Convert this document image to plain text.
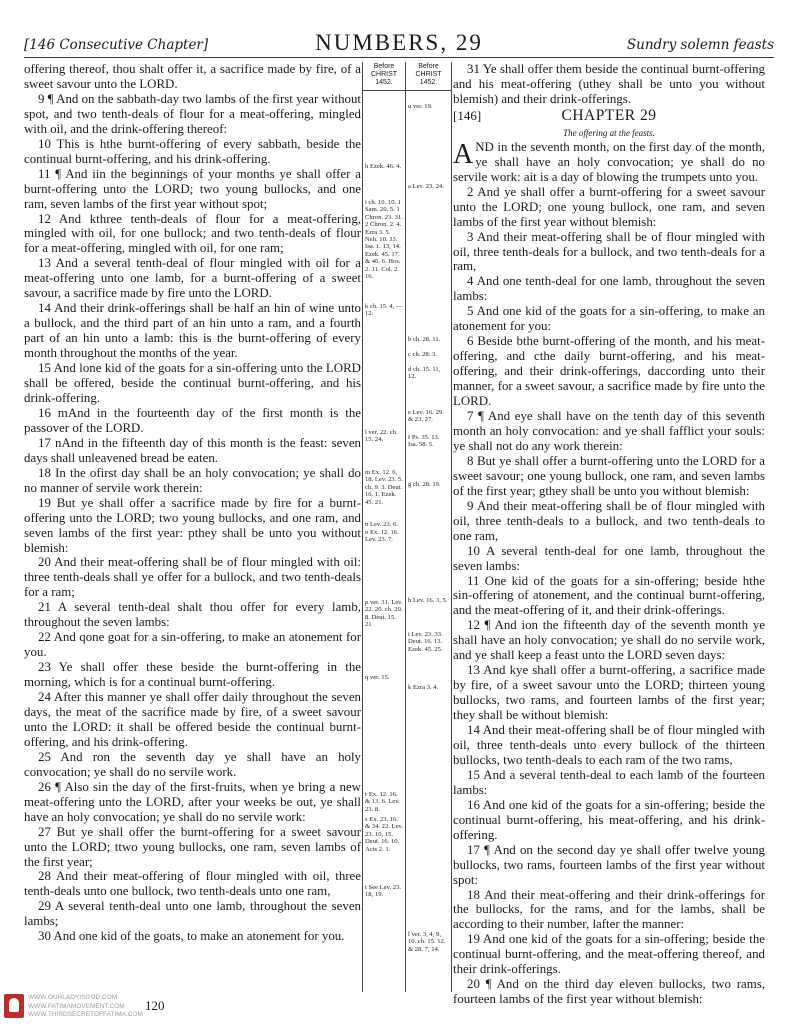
[146 Consecutive Chapter]	NUMBERS, 29	Sundry solemn feasts

offering thereof, thou shalt offer it, a sacrifice made by fire, of a sweet savour unto the LORD.

9 ¶ And on the sabbath-day two lambs of the first year without spot, and two tenth-deals of flour for a meat-offering, mingled with oil, and the drink-offering thereof:

10 This is hthe burnt-offering of every sabbath, beside the continual burnt-offering, and his drink-offering.

11 ¶ And iin the beginnings of your months ye shall offer a burnt-offering unto the LORD; two young bullocks, and one ram, seven lambs of the first year without spot;

12 And kthree tenth-deals of flour for a meat-offering, mingled with oil, for one bullock; and two tenth-deals of flour for a meat-offering, mingled with oil, for one ram;

13 And a several tenth-deal of flour mingled with oil for a meat-offering unto one lamb, for a burnt-offering of a sweet savour, a sacrifice made by fire unto the LORD.

14 And their drink-offerings shall be half an hin of wine unto a bullock, and the third part of an hin unto a ram, and a fourth part of an hin unto a lamb: this is the burnt-offering of every month throughout the months of the year.

15 And lone kid of the goats for a sin-offering unto the LORD shall be offered, beside the continual burnt-offering, and his drink-offering.

16 mAnd in the fourteenth day of the first month is the passover of the LORD.

17 nAnd in the fifteenth day of this month is the feast: seven days shall unleavened bread be eaten.

18 In the ofirst day shall be an holy convocation; ye shall do no manner of servile work therein:

19 But ye shall offer a sacrifice made by fire for a burnt-offering unto the LORD; two young bullocks, and one ram, and seven lambs of the first year: pthey shall be unto you without blemish:

20 And their meat-offering shall be of flour mingled with oil: three tenth-deals shall ye offer for a bullock, and two tenth-deals for a ram;

21 A several tenth-deal shalt thou offer for every lamb, throughout the seven lambs:

22 And qone goat for a sin-offering, to make an atonement for you.

23 Ye shall offer these beside the burnt-offering in the morning, which is for a continual burnt-offering.

24 After this manner ye shall offer daily throughout the seven days, the meat of the sacrifice made by fire, of a sweet savour unto the LORD: it shall be offered beside the continual burnt-offering, and his drink-offering.

25 And ron the seventh day ye shall have an holy convocation; ye shall do no servile work.

26 ¶ Also sin the day of the first-fruits, when ye bring a new meat-offering unto the LORD, after your weeks be out, ye shall have an holy convocation; ye shall do no servile work:

27 But ye shall offer the burnt-offering for a sweet savour unto the LORD; ttwo young bullocks, one ram, seven lambs of the first year;

28 And their meat-offering of flour mingled with oil, three tenth-deals unto one bullock, two tenth-deals unto one ram,

29 A several tenth-deal unto one lamb, throughout the seven lambs;

30 And one kid of the goats, to make an atonement for you.

Before CHRIST 1452.
h Ezek. 46. 4.
i ch. 10. 10. 1 Sam. 20. 5. 1 Chron. 23. 31. 2 Chron. 2. 4. Ezra 3. 5. Neh. 10. 33. Isa. 1. 13, 14. Ezek. 45. 17. & 46. 6. Hos. 2. 11. Col. 2. 16.
k ch. 15. 4, —12.
l ver. 22. ch. 15. 24.
m Ex. 12. 6, 18. Lev. 23. 5. ch. 9. 3. Deut. 16. 1. Ezek. 45. 21.
n Lev. 23. 6.
o Ex. 12. 16. Lev. 23. 7.
p ver. 31. Lev. 22. 20. ch. 29. 8. Deut. 15. 21
q ver. 15.
r Ex. 12. 16. & 13. 6. Lev. 23. 8.
s Ex. 23. 16. & 34. 22. Lev. 23. 10, 15. Deut. 16. 10. Acts 2. 1.
t See Lev. 23. 18, 19.
Before CHRIST 1452.
u ver. 19.
a Lev. 23. 24.
b ch. 28. 11.
c ch. 28. 3.
d ch. 15. 11, 12.
e Lev. 16. 29. & 23. 27.
f Ps. 35. 13. Isa. 58. 5.
g ch. 28. 19.
h Lev. 16. 3, 5.
i Lev. 23. 33. Deut. 16. 13. Ezek. 45. 25.
k Ezra 3. 4.
l ver. 3, 4, 9, 10. ch. 15. 12. & 28. 7, 14.

31 Ye shall offer them beside the continual burnt-offering and his meat-offering (uthey shall be unto you without blemish) and their drink-offerings.

[146]	CHAPTER 29
The offering at the feasts.

AND in the seventh month, on the first day of the month, ye shall have an holy convocation; ye shall do no servile work: ait is a day of blowing the trumpets unto you.

2 And ye shall offer a burnt-offering for a sweet savour unto the LORD; one young bullock, one ram, and seven lambs of the first year without blemish:

3 And their meat-offering shall be of flour mingled with oil, three tenth-deals for a bullock, and two tenth-deals for a ram,

4 And one tenth-deal for one lamb, throughout the seven lambs:

5 And one kid of the goats for a sin-offering, to make an atonement for you:

6 Beside bthe burnt-offering of the month, and his meat-offering, and cthe daily burnt-offering, and his meat-offering, and their drink-offerings, daccording unto their manner, for a sweet savour, a sacrifice made by fire unto the LORD.

7 ¶ And eye shall have on the tenth day of this seventh month an holy convocation: and ye shall fafflict your souls: ye shall not do any work therein:

8 But ye shall offer a burnt-offering unto the LORD for a sweet savour; one young bullock, one ram, and seven lambs of the first year; gthey shall be unto you without blemish:

9 And their meat-offering shall be of flour mingled with oil, three tenth-deals to a bullock, and two tenth-deals to one ram,

10 A several tenth-deal for one lamb, throughout the seven lambs:

11 One kid of the goats for a sin-offering; beside hthe sin-offering of atonement, and the continual burnt-offering, and the meat-offering of it, and their drink-offerings.

12 ¶ And ion the fifteenth day of the seventh month ye shall have an holy convocation; ye shall do no servile work, and ye shall keep a feast unto the LORD seven days:

13 And kye shall offer a burnt-offering, a sacrifice made by fire, of a sweet savour unto the LORD; thirteen young bullocks, two rams, and fourteen lambs of the first year; they shall be without blemish:

14 And their meat-offering shall be of flour mingled with oil, three tenth-deals unto every bullock of the thirteen bullocks, two tenth-deals to each ram of the two rams,

15 And a several tenth-deal to each lamb of the fourteen lambs:

16 And one kid of the goats for a sin-offering; beside the continual burnt-offering, his meat-offering, and his drink-offering.

17 ¶ And on the second day ye shall offer twelve young bullocks, two rams, fourteen lambs of the first year without spot:

18 And their meat-offering and their drink-offerings for the bullocks, for the rams, and for the lambs, shall be according to their number, lafter the manner:

19 And one kid of the goats for a sin-offering; beside the continual burnt-offering, and the meat-offering thereof, and their drink-offerings.

20 ¶ And on the third day eleven bullocks, two rams, fourteen lambs of the first year without blemish:

WWW.OURLADYISGOD.COM
WWW.FATIMAMOVEMENT.COM
WWW.THIRDSECRETOFFATIMA.COM
120
